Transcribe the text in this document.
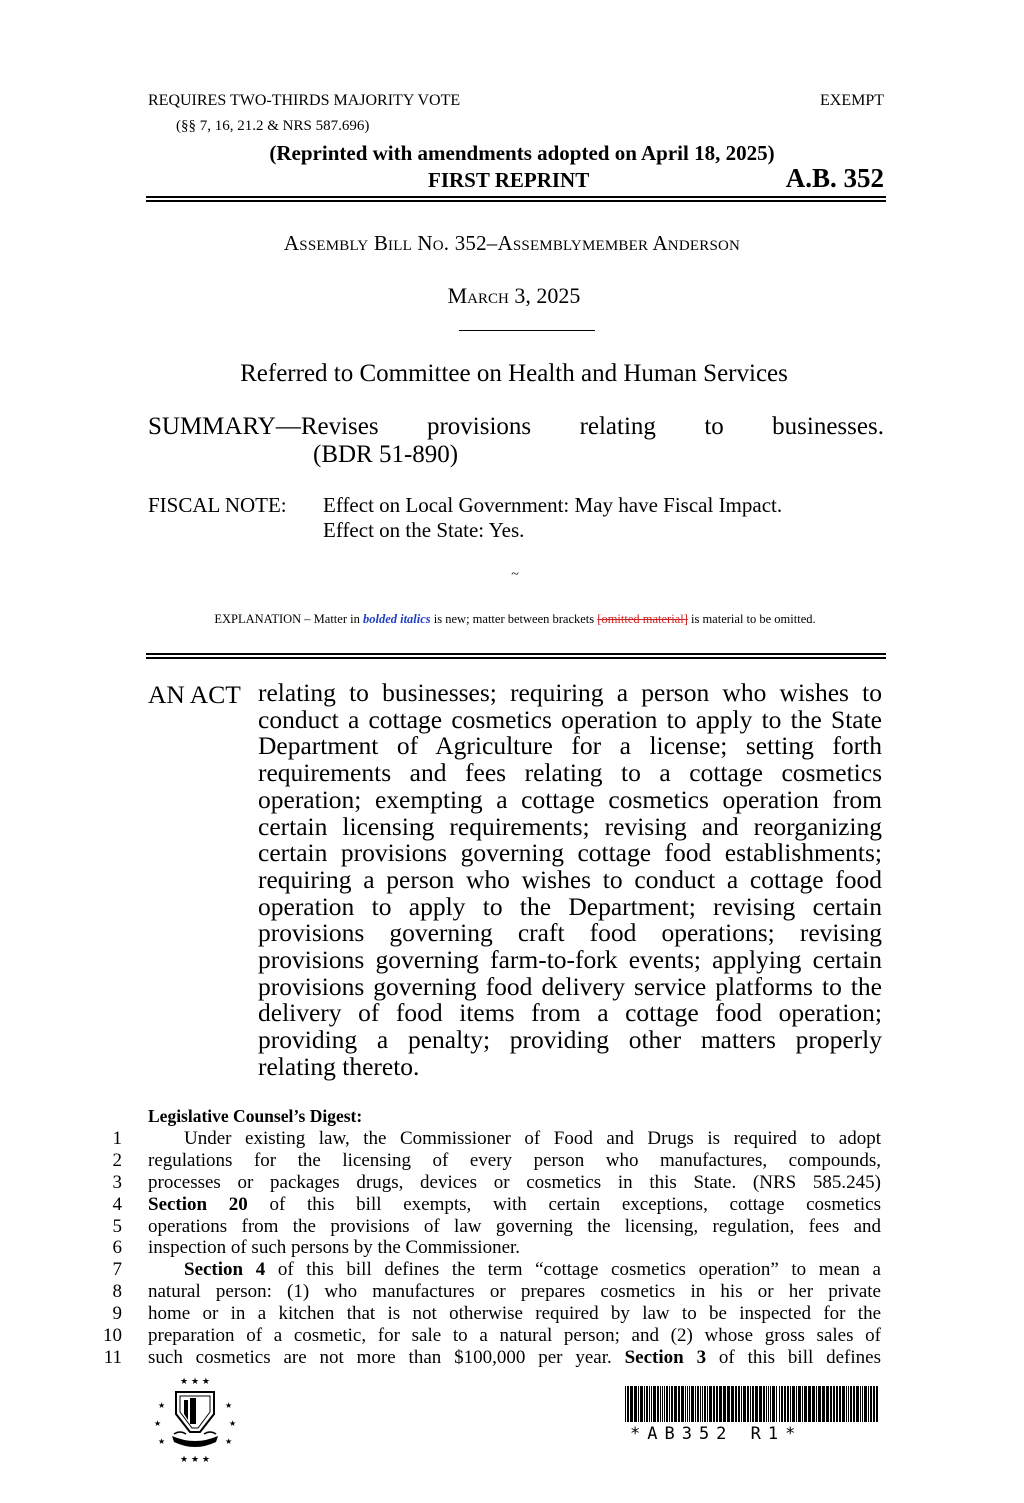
REQUIRES TWO-THIRDS MAJORITY VOTE	EXEMPT
(§§ 7, 16, 21.2 & NRS 587.696)
(Reprinted with amendments adopted on April 18, 2025)
FIRST REPRINT	A.B. 352
Assembly Bill No. 352–Assemblymember Anderson
March 3, 2025
Referred to Committee on Health and Human Services
SUMMARY—Revises provisions relating to businesses.
(BDR 51-890)
FISCAL NOTE: Effect on Local Government: May have Fiscal Impact.
Effect on the State: Yes.
~
EXPLANATION – Matter in bolded italics is new; matter between brackets [omitted material] is material to be omitted.
AN ACT relating to businesses; requiring a person who wishes to conduct a cottage cosmetics operation to apply to the State Department of Agriculture for a license; setting forth requirements and fees relating to a cottage cosmetics operation; exempting a cottage cosmetics operation from certain licensing requirements; revising and reorganizing certain provisions governing cottage food establishments; requiring a person who wishes to conduct a cottage food operation to apply to the Department; revising certain provisions governing craft food operations; revising provisions governing farm-to-fork events; applying certain provisions governing food delivery service platforms to the delivery of food items from a cottage food operation; providing a penalty; providing other matters properly relating thereto.
Legislative Counsel’s Digest:
1
2
3
4
5
6
7
8
9
10
11
Under existing law, the Commissioner of Food and Drugs is required to adopt
regulations for the licensing of every person who manufactures, compounds,
processes or packages drugs, devices or cosmetics in this State. (NRS 585.245)
Section 20 of this bill exempts, with certain exceptions, cottage cosmetics
operations from the provisions of law governing the licensing, regulation, fees and
inspection of such persons by the Commissioner.
Section 4 of this bill defines the term “cottage cosmetics operation” to mean a
natural person: (1) who manufactures or prepares cosmetics in his or her private
home or in a kitchen that is not otherwise required by law to be inspected for the
preparation of a cosmetic, for sale to a natural person; and (2) whose gross sales of
such cosmetics are not more than $100,000 per year. Section 3 of this bill defines
★ ★ ★
★	★
★	★
★	★
★ ★ ★
*AB352 R1*
